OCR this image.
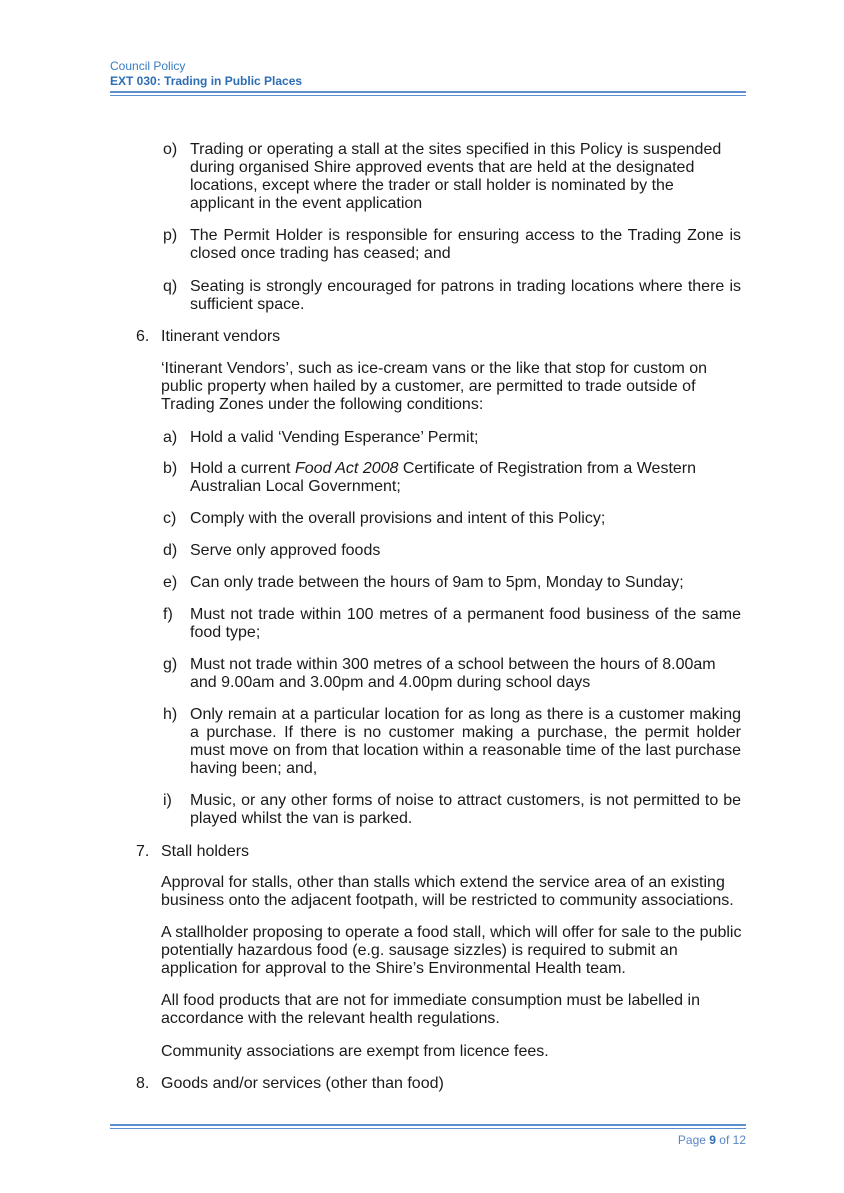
Council Policy
EXT 030: Trading in Public Places
o) Trading or operating a stall at the sites specified in this Policy is suspended during organised Shire approved events that are held at the designated locations, except where the trader or stall holder is nominated by the applicant in the event application
p) The Permit Holder is responsible for ensuring access to the Trading Zone is closed once trading has ceased; and
q) Seating is strongly encouraged for patrons in trading locations where there is sufficient space.
6. Itinerant vendors
‘Itinerant Vendors’, such as ice-cream vans or the like that stop for custom on public property when hailed by a customer, are permitted to trade outside of Trading Zones under the following conditions:
a) Hold a valid ‘Vending Esperance’ Permit;
b) Hold a current Food Act 2008 Certificate of Registration from a Western Australian Local Government;
c) Comply with the overall provisions and intent of this Policy;
d) Serve only approved foods
e) Can only trade between the hours of 9am to 5pm, Monday to Sunday;
f) Must not trade within 100 metres of a permanent food business of the same food type;
g) Must not trade within 300 metres of a school between the hours of 8.00am and 9.00am and 3.00pm and 4.00pm during school days
h) Only remain at a particular location for as long as there is a customer making a purchase. If there is no customer making a purchase, the permit holder must move on from that location within a reasonable time of the last purchase having been; and,
i) Music, or any other forms of noise to attract customers, is not permitted to be played whilst the van is parked.
7. Stall holders
Approval for stalls, other than stalls which extend the service area of an existing business onto the adjacent footpath, will be restricted to community associations.
A stallholder proposing to operate a food stall, which will offer for sale to the public potentially hazardous food (e.g. sausage sizzles) is required to submit an application for approval to the Shire’s Environmental Health team.
All food products that are not for immediate consumption must be labelled in accordance with the relevant health regulations.
Community associations are exempt from licence fees.
8. Goods and/or services (other than food)
Page 9 of 12
